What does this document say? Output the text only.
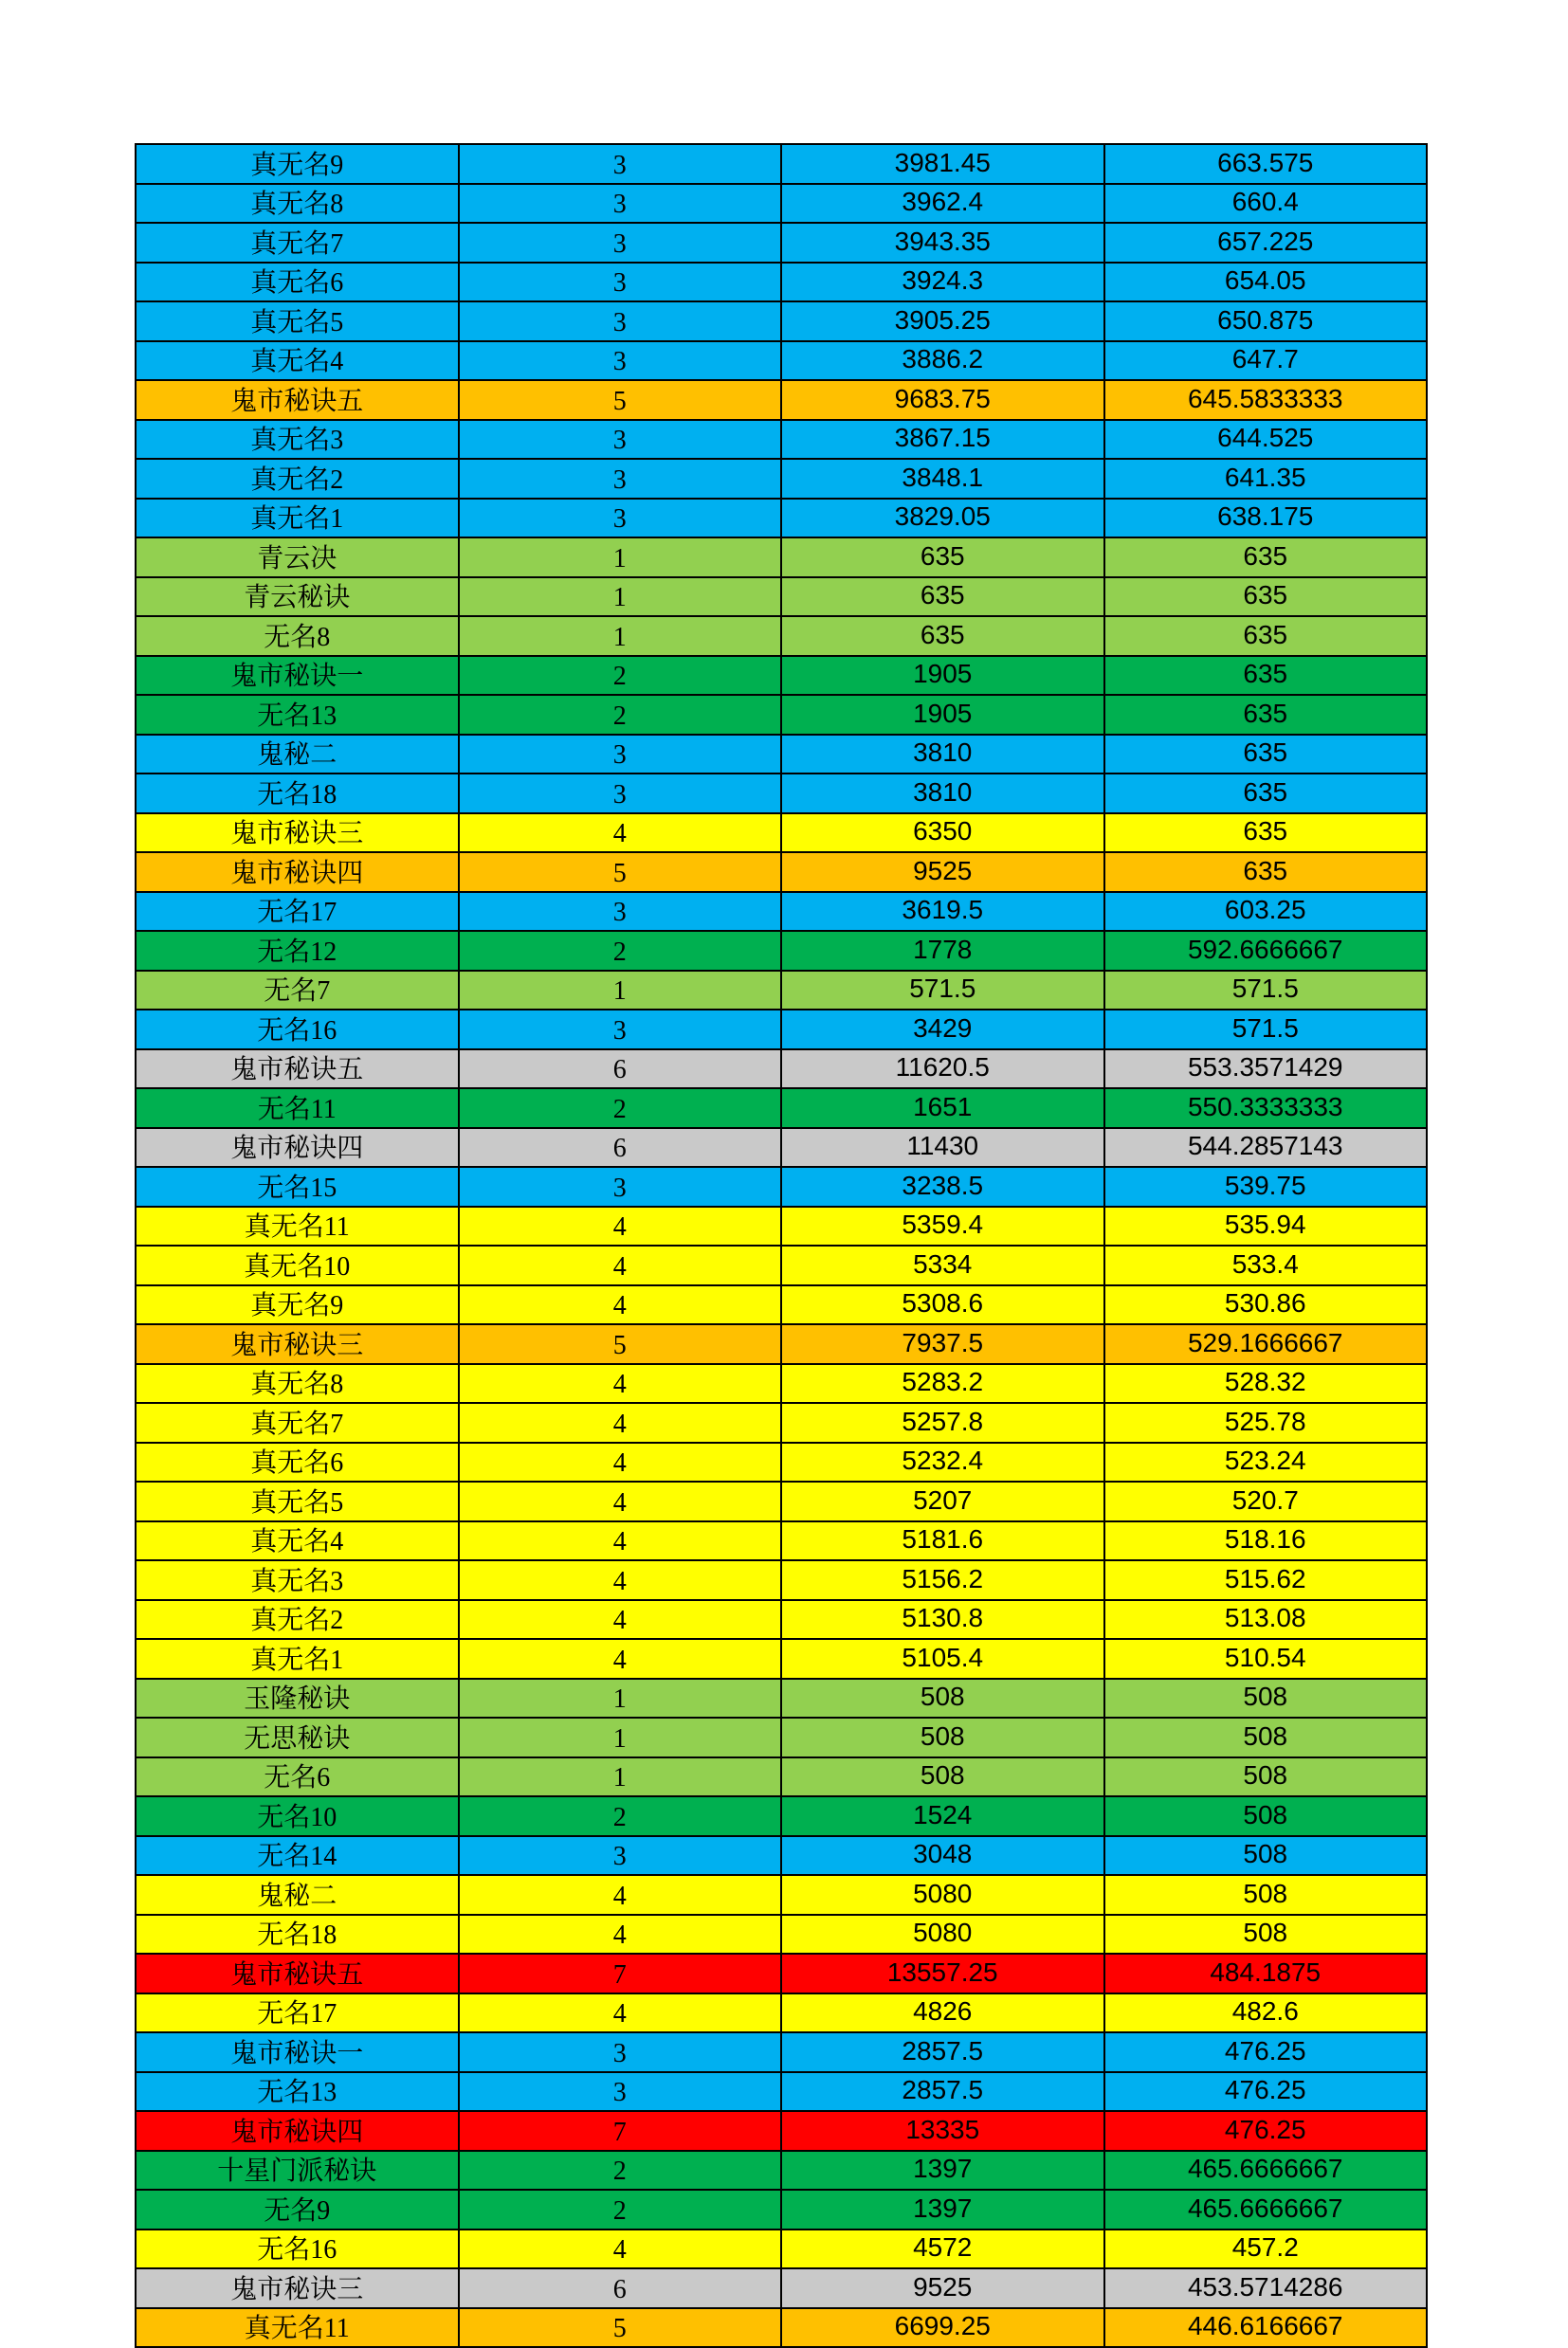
真无名9	3	3981.45	663.575
真无名8	3	3962.4	660.4
真无名7	3	3943.35	657.225
真无名6	3	3924.3	654.05
真无名5	3	3905.25	650.875
真无名4	3	3886.2	647.7
鬼市秘诀五	5	9683.75	645.5833333
真无名3	3	3867.15	644.525
真无名2	3	3848.1	641.35
真无名1	3	3829.05	638.175
青云决	1	635	635
青云秘诀	1	635	635
无名8	1	635	635
鬼市秘诀一	2	1905	635
无名13	2	1905	635
鬼秘二	3	3810	635
无名18	3	3810	635
鬼市秘诀三	4	6350	635
鬼市秘诀四	5	9525	635
无名17	3	3619.5	603.25
无名12	2	1778	592.6666667
无名7	1	571.5	571.5
无名16	3	3429	571.5
鬼市秘诀五	6	11620.5	553.3571429
无名11	2	1651	550.3333333
鬼市秘诀四	6	11430	544.2857143
无名15	3	3238.5	539.75
真无名11	4	5359.4	535.94
真无名10	4	5334	533.4
真无名9	4	5308.6	530.86
鬼市秘诀三	5	7937.5	529.1666667
真无名8	4	5283.2	528.32
真无名7	4	5257.8	525.78
真无名6	4	5232.4	523.24
真无名5	4	5207	520.7
真无名4	4	5181.6	518.16
真无名3	4	5156.2	515.62
真无名2	4	5130.8	513.08
真无名1	4	5105.4	510.54
玉隆秘诀	1	508	508
无思秘诀	1	508	508
无名6	1	508	508
无名10	2	1524	508
无名14	3	3048	508
鬼秘二	4	5080	508
无名18	4	5080	508
鬼市秘诀五	7	13557.25	484.1875
无名17	4	4826	482.6
鬼市秘诀一	3	2857.5	476.25
无名13	3	2857.5	476.25
鬼市秘诀四	7	13335	476.25
十星门派秘诀	2	1397	465.6666667
无名9	2	1397	465.6666667
无名16	4	4572	457.2
鬼市秘诀三	6	9525	453.5714286
真无名11	5	6699.25	446.6166667
